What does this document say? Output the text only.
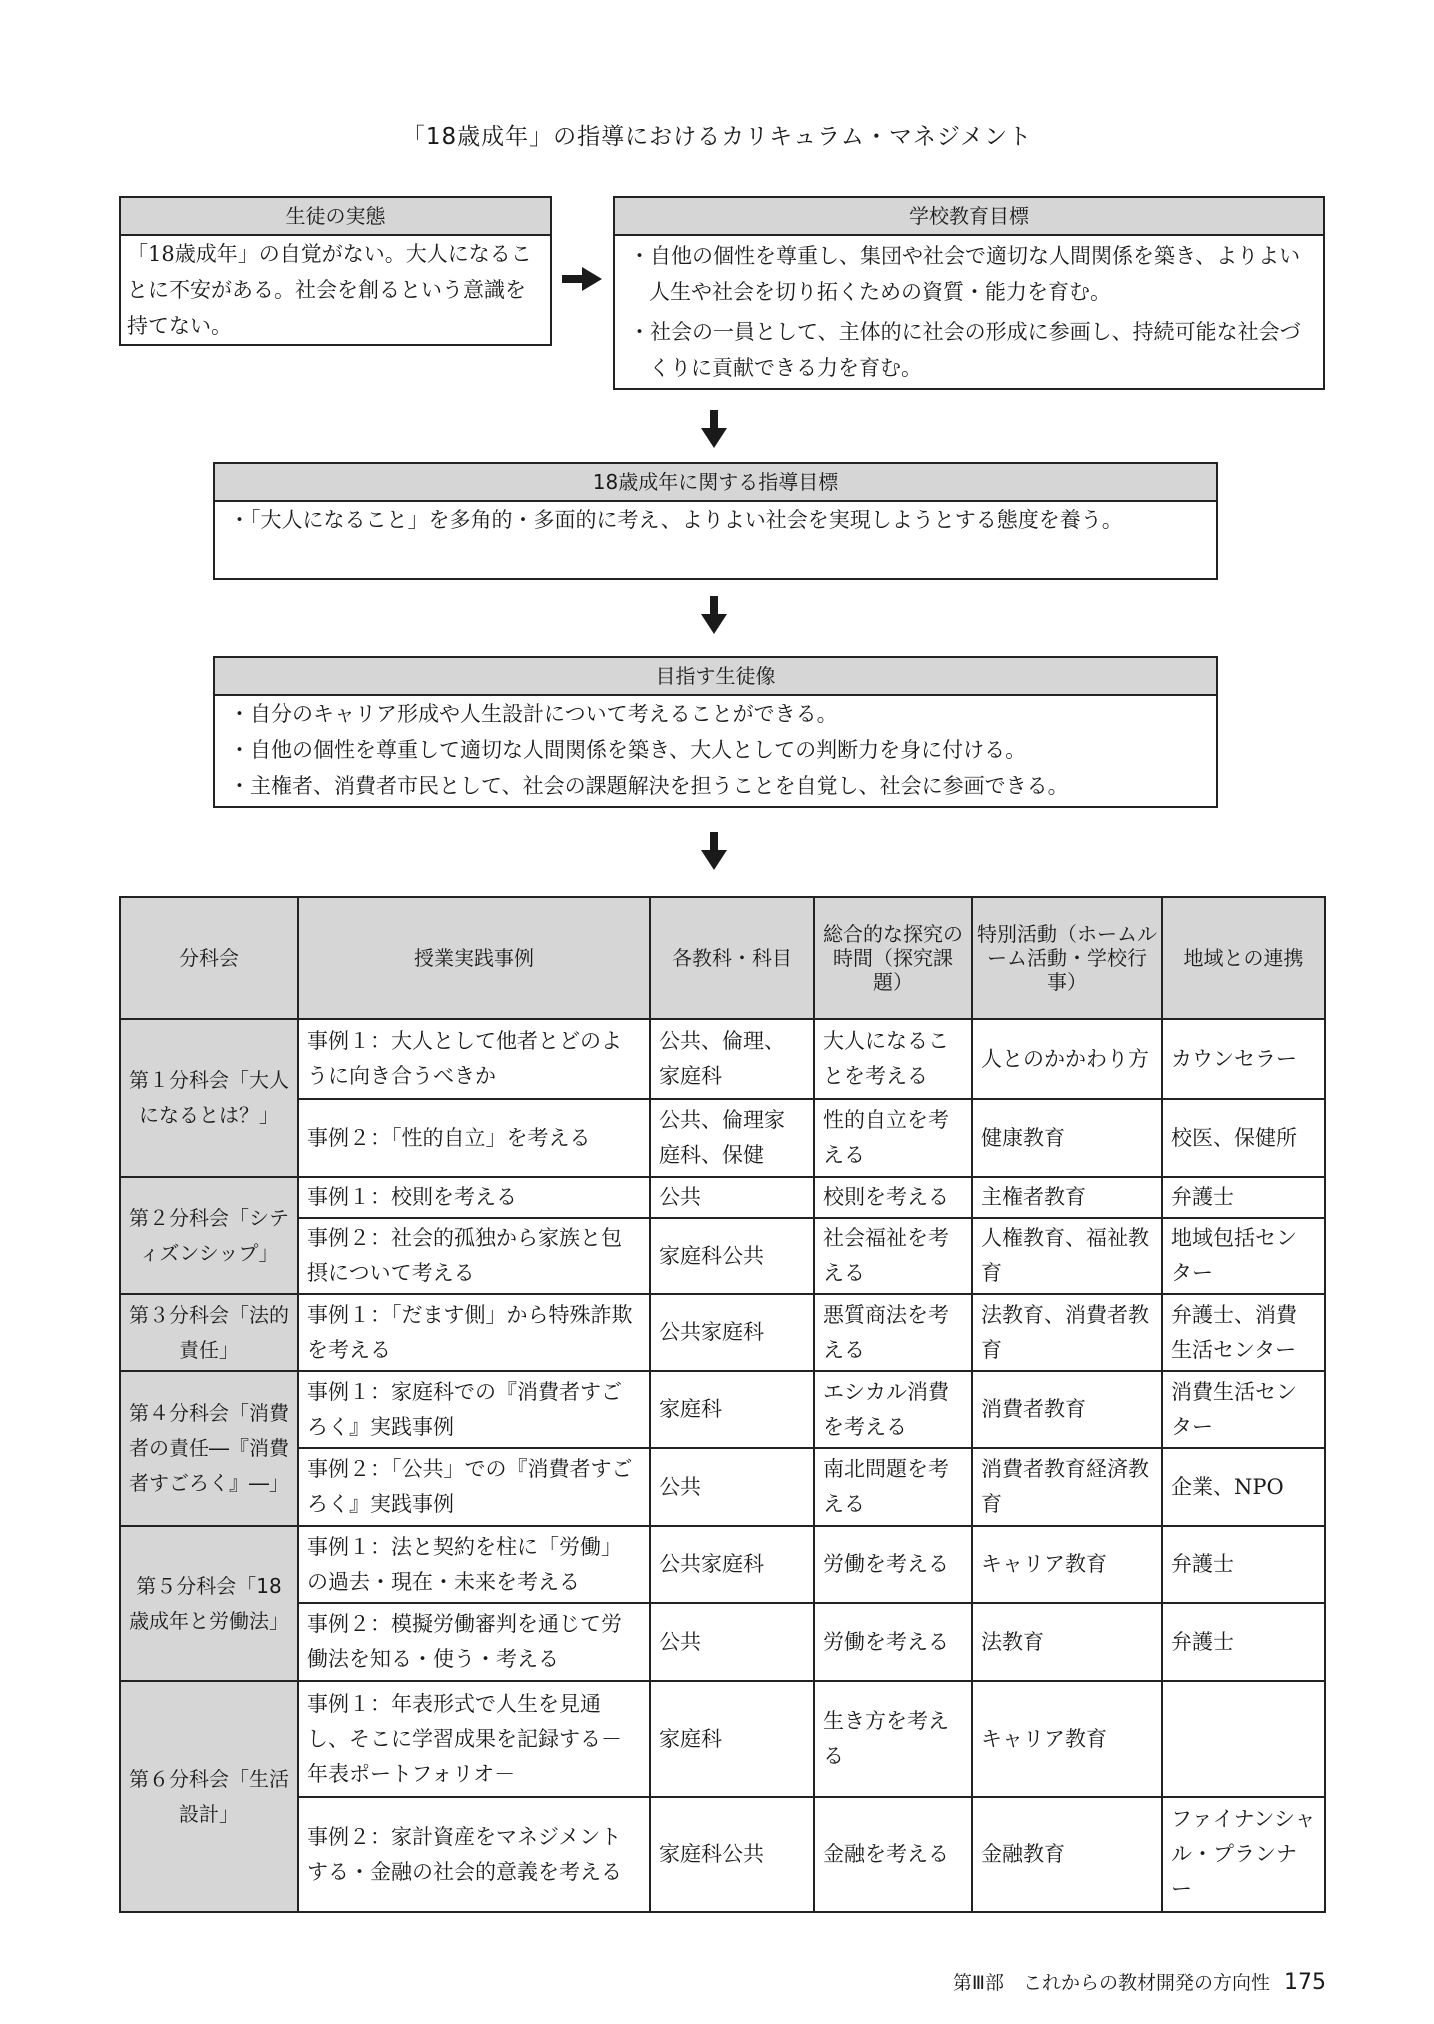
「18歳成年」の指導におけるカリキュラム・マネジメント
生徒の実態
「18歳成年」の自覚がない。大人になることに不安がある。社会を創るという意識を持てない。
学校教育目標
・自他の個性を尊重し、集団や社会で適切な人間関係を築き、よりよい人生や社会を切り拓くための資質・能力を育む。
・社会の一員として、主体的に社会の形成に参画し、持続可能な社会づくりに貢献できる力を育む。
18歳成年に関する指導目標
・「大人になること」を多角的・多面的に考え、よりよい社会を実現しようとする態度を養う。
目指す生徒像
・自分のキャリア形成や人生設計について考えることができる。
・自他の個性を尊重して適切な人間関係を築き、大人としての判断力を身に付ける。
・主権者、消費者市民として、社会の課題解決を担うことを自覚し、社会に参画できる。
分科会	授業実践事例	各教科・科目	総合的な探究の時間（探究課題）	特別活動（ホームルーム活動・学校行事）	地域との連携
第１分科会「大人になるとは？」	事例１：大人として他者とどのように向き合うべきか	公共、倫理、家庭科	大人になることを考える	人とのかかわり方	カウンセラー
	事例２：「性的自立」を考える	公共、倫理家庭科、保健	性的自立を考える	健康教育	校医、保健所
第２分科会「シティズンシップ」	事例１：校則を考える	公共	校則を考える	主権者教育	弁護士
	事例２：社会的孤独から家族と包摂について考える	家庭科公共	社会福祉を考える	人権教育、福祉教育	地域包括センター
第３分科会「法的責任」	事例１：「だます側」から特殊詐欺を考える	公共家庭科	悪質商法を考える	法教育、消費者教育	弁護士、消費生活センター
第４分科会「消費者の責任―『消費者すごろく』―」	事例１：家庭科での『消費者すごろく』実践事例	家庭科	エシカル消費を考える	消費者教育	消費生活センター
	事例２：「公共」での『消費者すごろく』実践事例	公共	南北問題を考える	消費者教育経済教育	企業、NPO
第５分科会「18歳成年と労働法」	事例１：法と契約を柱に「労働」の過去・現在・未来を考える	公共家庭科	労働を考える	キャリア教育	弁護士
	事例２：模擬労働審判を通じて労働法を知る・使う・考える	公共	労働を考える	法教育	弁護士
第６分科会「生活設計」	事例１：年表形式で人生を見通し、そこに学習成果を記録する－年表ポートフォリオ－	家庭科	生き方を考える	キャリア教育	
	事例２：家計資産をマネジメントする・金融の社会的意義を考える	家庭科公共	金融を考える	金融教育	ファイナンシャル・プランナー
第Ⅲ部　これからの教材開発の方向性 175
